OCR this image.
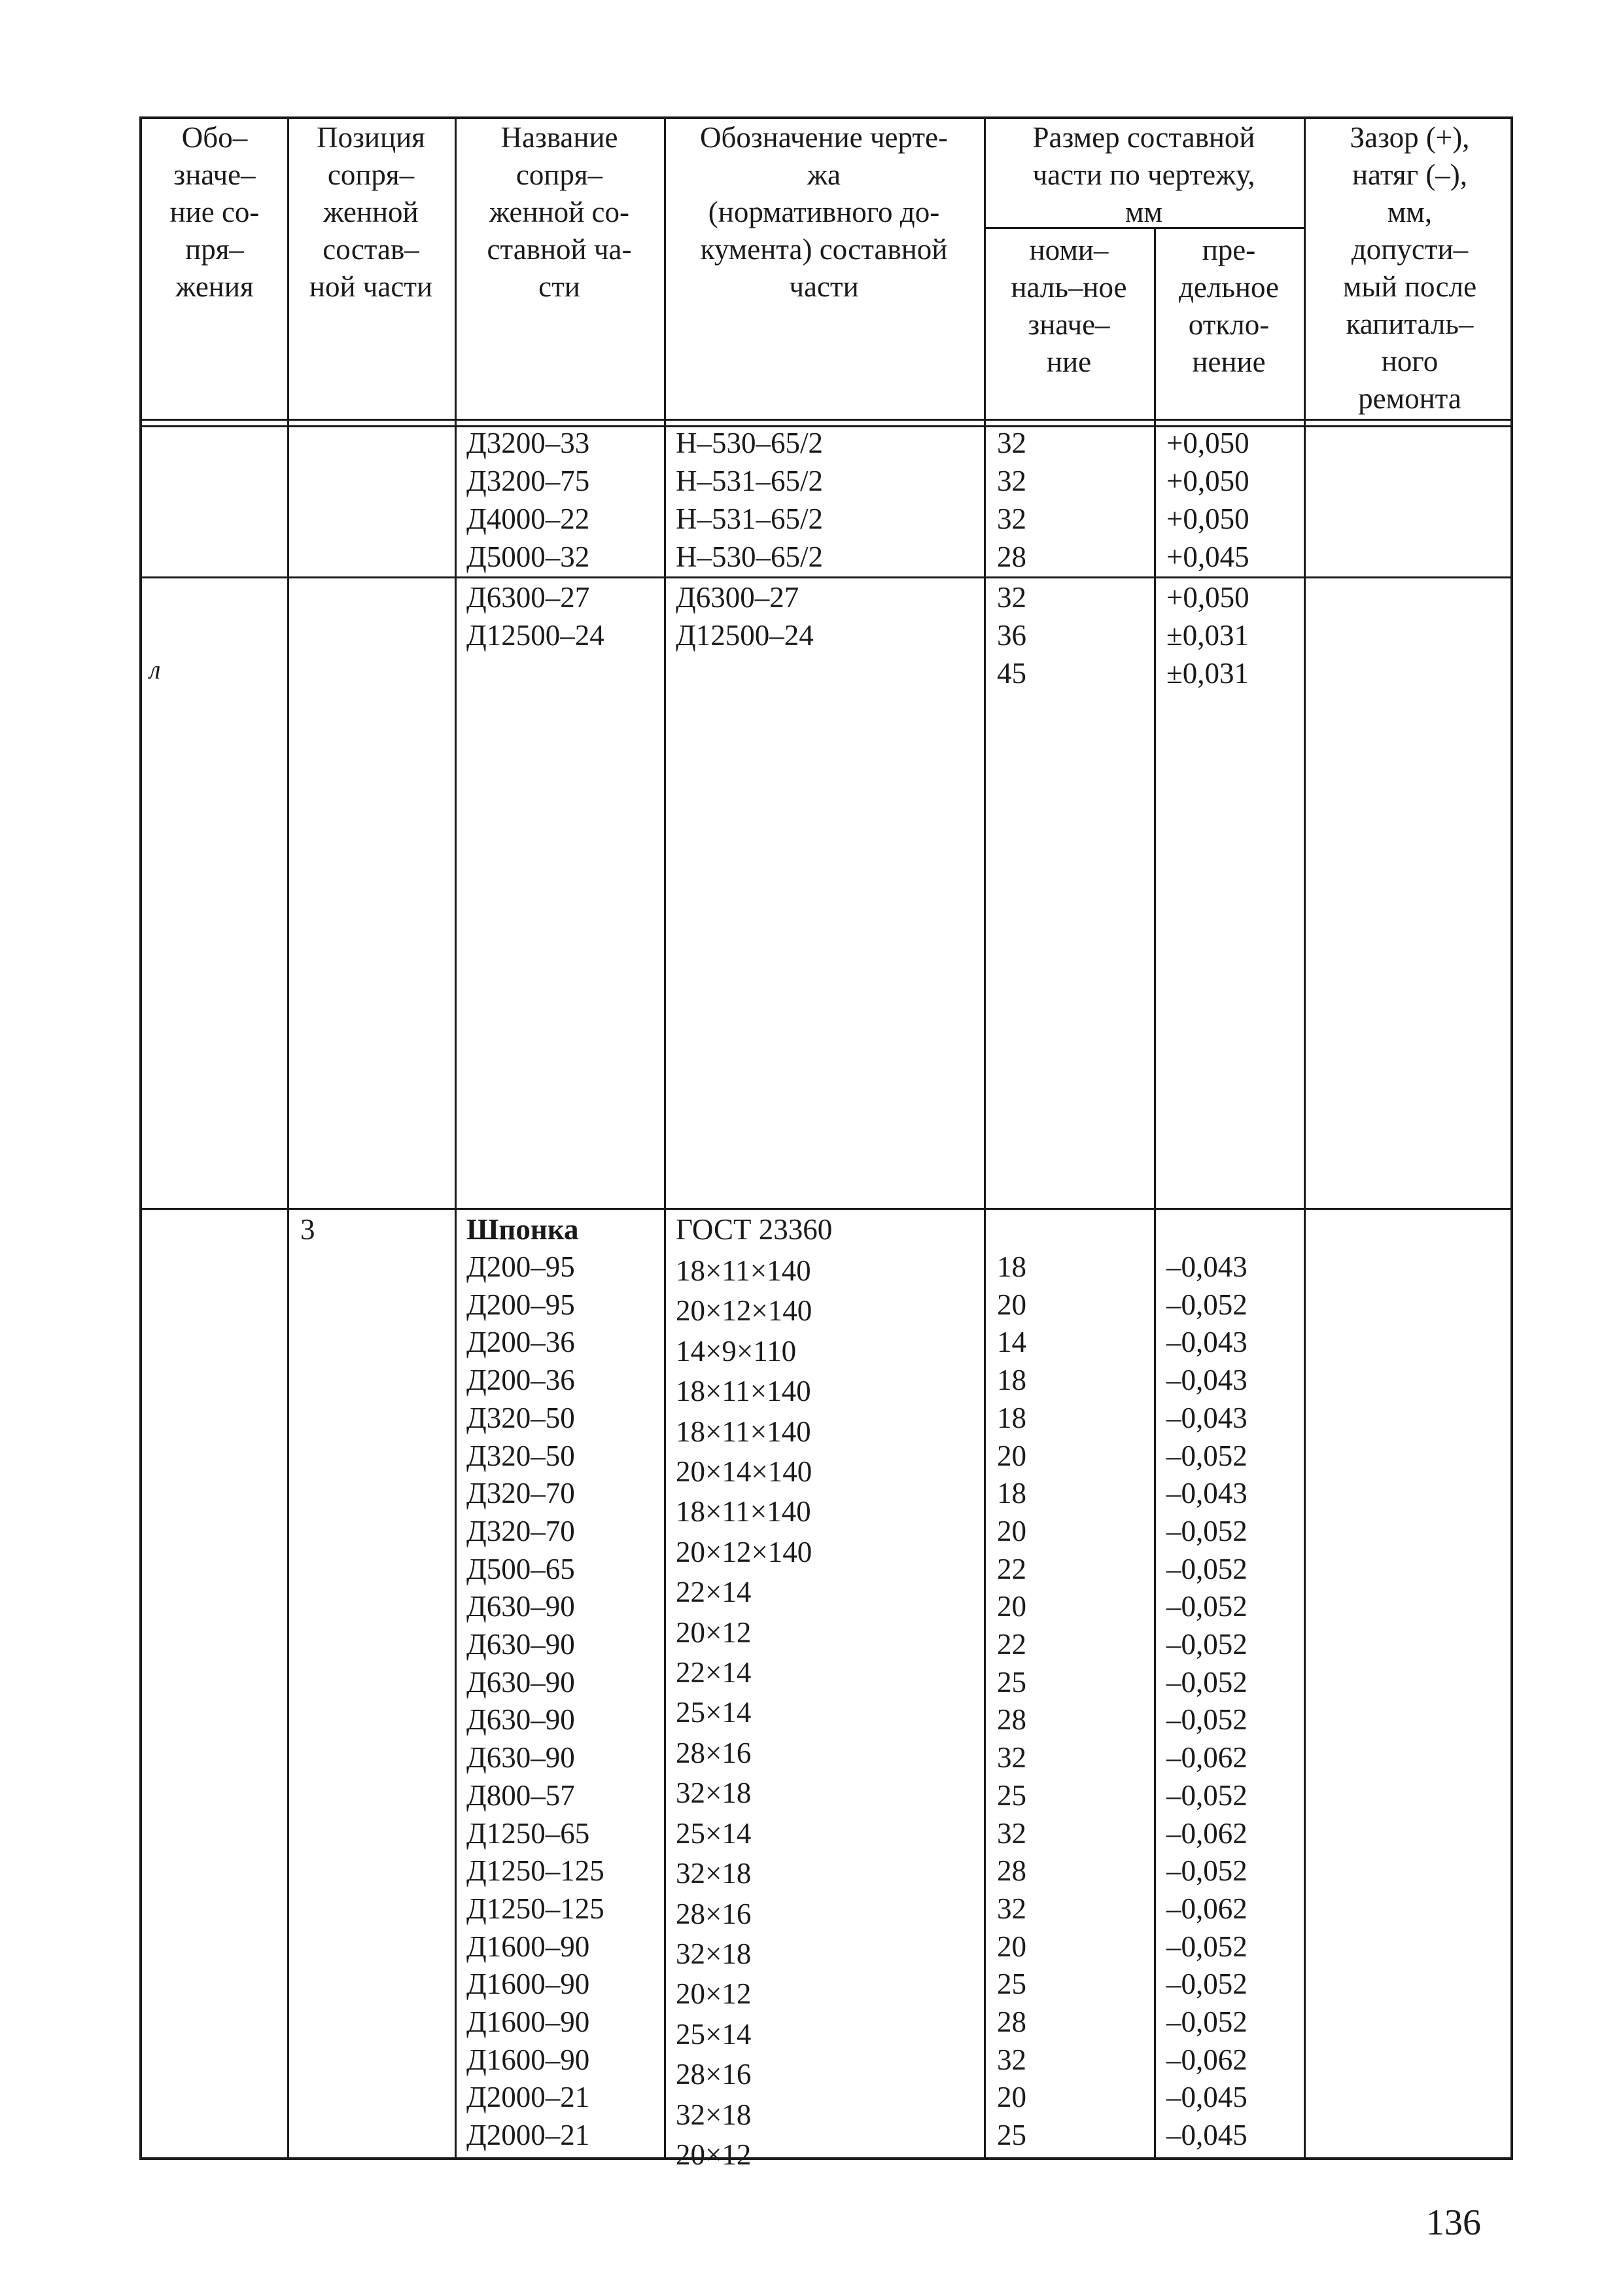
Обо–
значе–
ние со-
пря–
жения
Позиция
сопря–
женной
состав–
ной части
Название
сопря–
женной со-
ставной ча-
сти
Обозначение черте-
жа
(нормативного до-
кумента) составной
части
Размер составной
части по чертежу,
мм
номи–
наль–ное
значе–
ние
пре-
дельное
откло-
нение
Зазор (+),
натяг (–),
мм,
допусти–
мый после
капиталь–
ного
ремонта
Д3200–33
Д3200–75
Д4000–22
Д5000–32
Н–530–65/2
Н–531–65/2
Н–531–65/2
Н–530–65/2
32
32
32
28
+0,050
+0,050
+0,050
+0,045
Д6300–27
Д12500–24
Д6300–27
Д12500–24
32
36
45
+0,050
±0,031
±0,031
3	Шпонка
Д200–95
Д200–95
Д200–36
Д200–36
Д320–50
Д320–50
Д320–70
Д320–70
Д500–65
Д630–90
Д630–90
Д630–90
Д630–90
Д630–90
Д800–57
Д1250–65
Д1250–125
Д1250–125
Д1600–90
Д1600–90
Д1600–90
Д1600–90
Д2000–21
Д2000–21
ГОСТ 23360
18×11×140
20×12×140
14×9×110
18×11×140
18×11×140
20×14×140
18×11×140
20×12×140
22×14
20×12
22×14
25×14
28×16
32×18
25×14
32×18
28×16
32×18
20×12
25×14
28×16
32×18
20×12
18
20
14
18
18
20
18
20
22
20
22
25
28
32
25
32
28
32
20
25
28
32
20
25
–0,043
–0,052
–0,043
–0,043
–0,043
–0,052
–0,043
–0,052
–0,052
–0,052
–0,052
–0,052
–0,052
–0,062
–0,052
–0,062
–0,052
–0,062
–0,052
–0,052
–0,052
–0,062
–0,045
–0,045
л
136
